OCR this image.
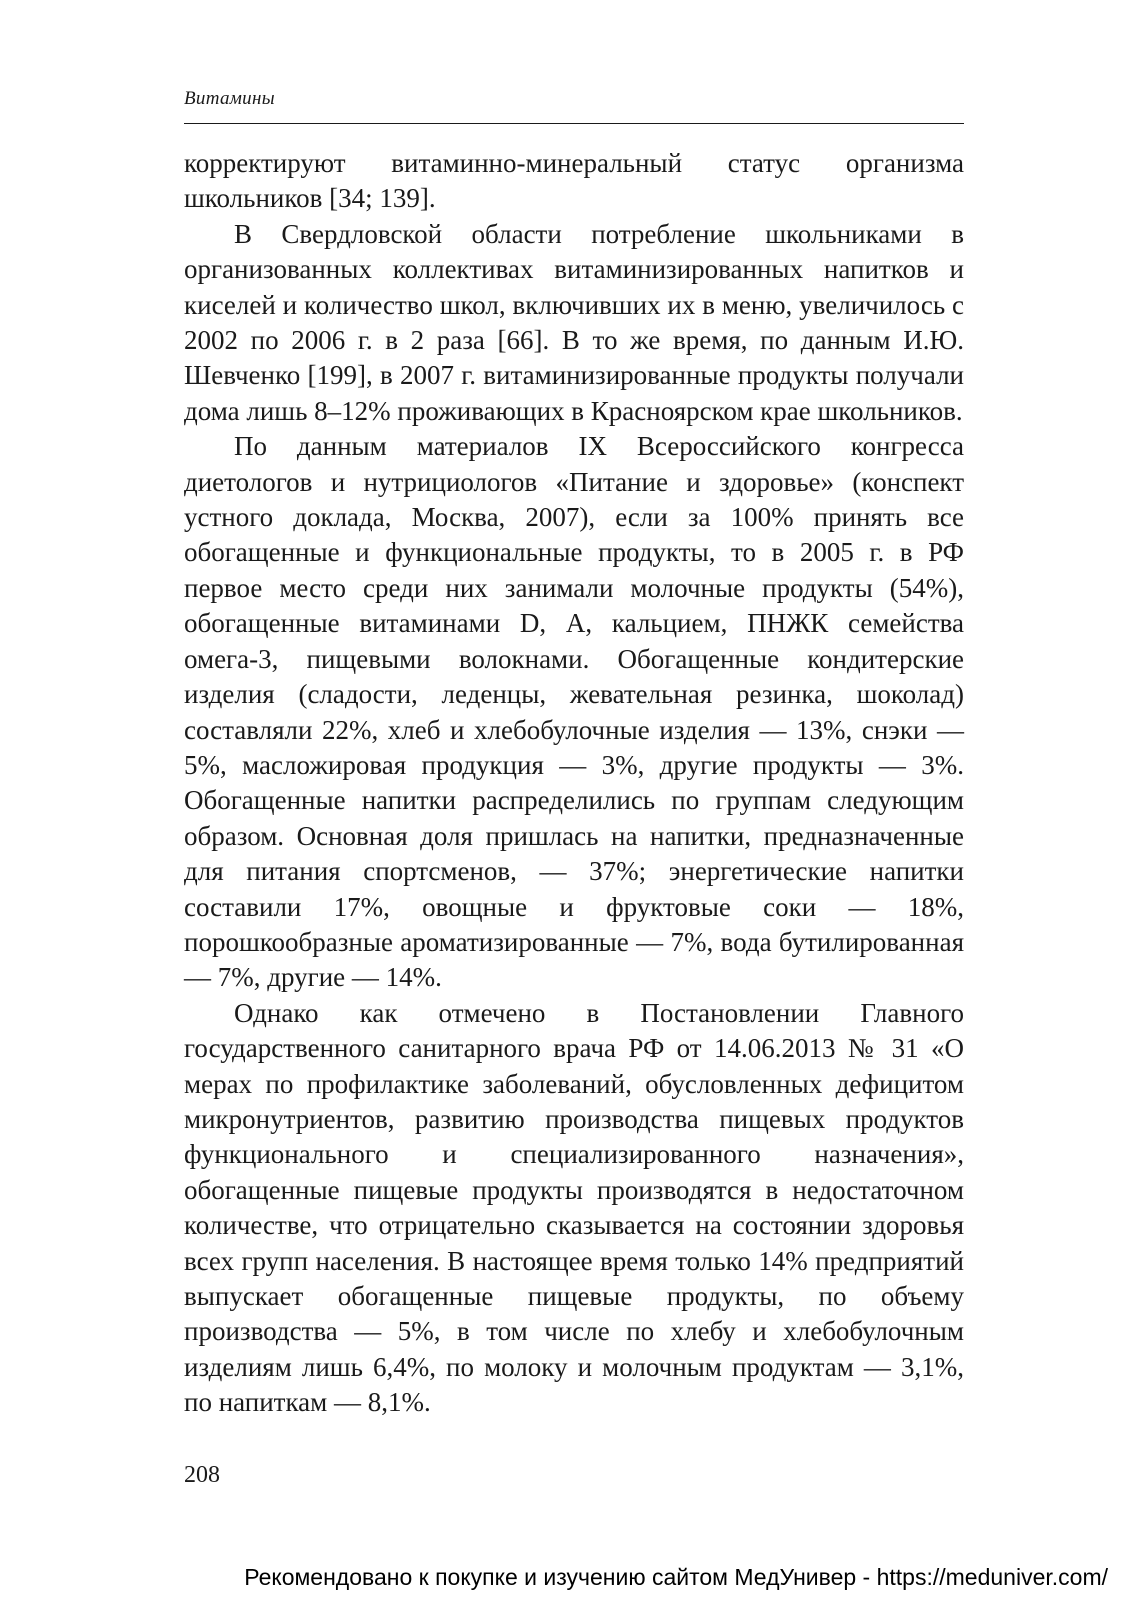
Витамины

корректируют витаминно-минеральный статус организма школьников [34; 139].

В Свердловской области потребление школьниками в организованных коллективах витаминизированных напитков и киселей и количество школ, включивших их в меню, увеличилось с 2002 по 2006 г. в 2 раза [66]. В то же время, по данным И.Ю. Шевченко [199], в 2007 г. витаминизированные продукты получали дома лишь 8–12% проживающих в Красноярском крае школьников.

По данным материалов IX Всероссийского конгресса диетологов и нутрициологов «Питание и здоровье» (конспект устного доклада, Москва, 2007), если за 100% принять все обогащенные и функциональные продукты, то в 2005 г. в РФ первое место среди них занимали молочные продукты (54%), обогащенные витаминами D, А, кальцием, ПНЖК семейства омега-3, пищевыми волокнами. Обогащенные кондитерские изделия (сладости, леденцы, жевательная резинка, шоколад) составляли 22%, хлеб и хлебобулочные изделия — 13%, снэки — 5%, масложировая продукция — 3%, другие продукты — 3%. Обогащенные напитки распределились по группам следующим образом. Основная доля пришлась на напитки, предназначенные для питания спортсменов, — 37%; энергетические напитки составили 17%, овощные и фруктовые соки — 18%, порошкообразные ароматизированные — 7%, вода бутилированная — 7%, другие — 14%.

Однако как отмечено в Постановлении Главного государственного санитарного врача РФ от 14.06.2013 № 31 «О мерах по профилактике заболеваний, обусловленных дефицитом микронутриентов, развитию производства пищевых продуктов функционального и специализированного назначения», обогащенные пищевые продукты производятся в недостаточном количестве, что отрицательно сказывается на состоянии здоровья всех групп населения. В настоящее время только 14% предприятий выпускает обогащенные пищевые продукты, по объему производства — 5%, в том числе по хлебу и хлебобулочным изделиям лишь 6,4%, по молоку и молочным продуктам — 3,1%, по напиткам — 8,1%.

208
Рекомендовано к покупке и изучению сайтом МедУнивер - https://meduniver.com/
